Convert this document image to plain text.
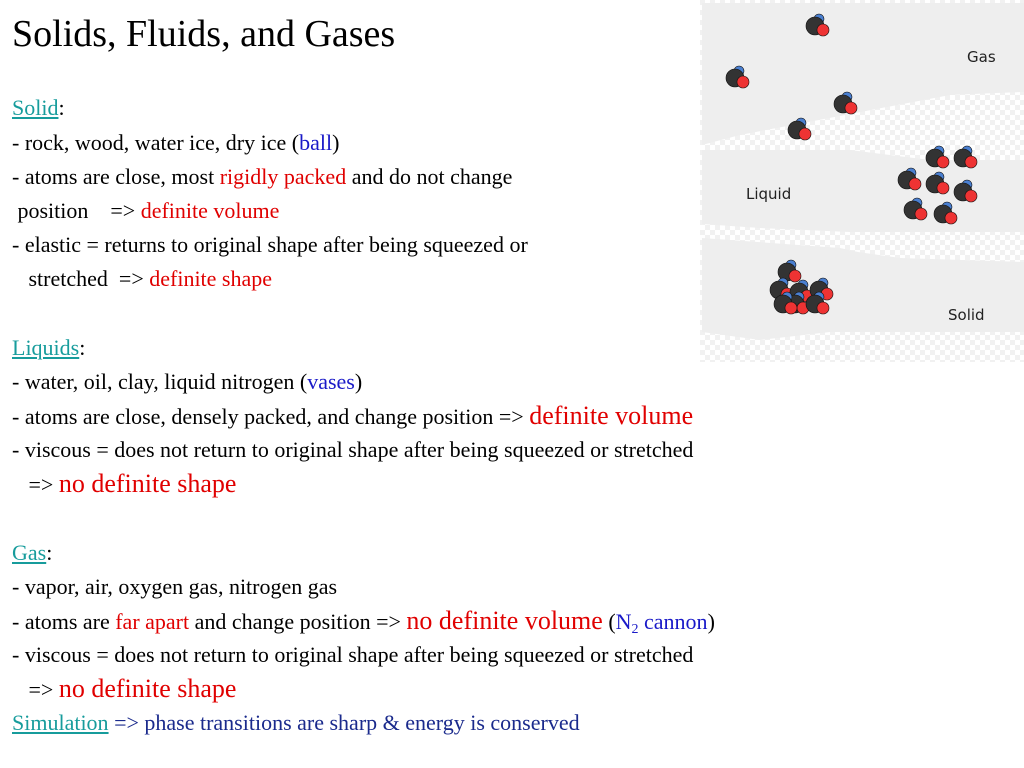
Solids, Fluids, and Gases
Solid:
- rock, wood, water ice, dry ice (ball)
- atoms are close, most rigidly packed and do not change
position    => definite volume
- elastic = returns to original shape after being squeezed or
stretched  => definite shape
Liquids:
- water, oil, clay, liquid nitrogen (vases)
- atoms are close, densely packed, and change position => definite volume
- viscous = does not return to original shape after being squeezed or stretched
=> no definite shape
Gas:
- vapor, air, oxygen gas, nitrogen gas
- atoms are far apart and change position => no definite volume ($N_2$ cannon)
- viscous = does not return to original shape after being squeezed or stretched
=> no definite shape
Simulation => phase transitions are sharp & energy is conserved
Gas
Liquid
Solid
